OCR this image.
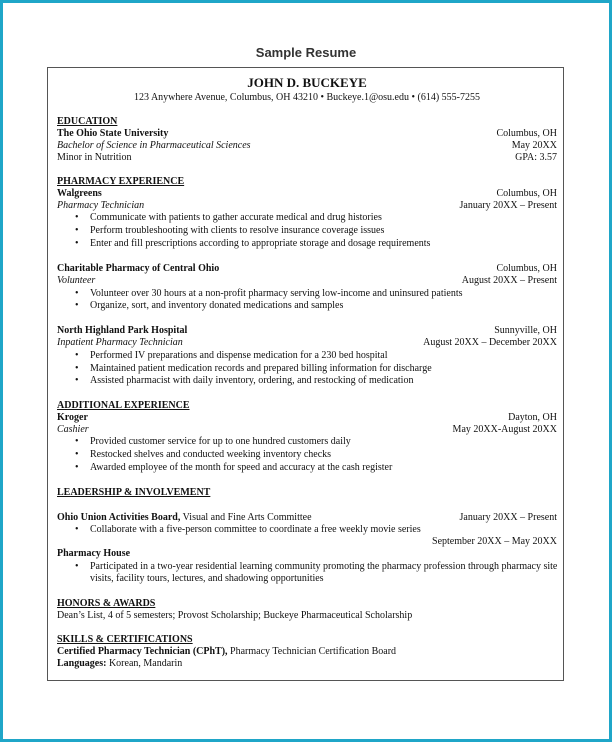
Sample Resume
JOHN D. BUCKEYE
123 Anywhere Avenue, Columbus, OH 43210 • Buckeye.1@osu.edu • (614) 555-7255
EDUCATION
The Ohio State University	Columbus, OH
Bachelor of Science in Pharmaceutical Sciences	May 20XX
Minor in Nutrition	GPA: 3.57
PHARMACY EXPERIENCE
Walgreens	Columbus, OH
Pharmacy Technician	January 20XX – Present
• Communicate with patients to gather accurate medical and drug histories
• Perform troubleshooting with clients to resolve insurance coverage issues
• Enter and fill prescriptions according to appropriate storage and dosage requirements
Charitable Pharmacy of Central Ohio	Columbus, OH
Volunteer	August 20XX – Present
• Volunteer over 30 hours at a non-profit pharmacy serving low-income and uninsured patients
• Organize, sort, and inventory donated medications and samples
North Highland Park Hospital	Sunnyville, OH
Inpatient Pharmacy Technician	August 20XX – December 20XX
• Performed IV preparations and dispense medication for a 230 bed hospital
• Maintained patient medication records and prepared billing information for discharge
• Assisted pharmacist with daily inventory, ordering, and restocking of medication
ADDITIONAL EXPERIENCE
Kroger	Dayton, OH
Cashier	May 20XX-August 20XX
• Provided customer service for up to one hundred customers daily
• Restocked shelves and conducted weeking inventory checks
• Awarded employee of the month for speed and accuracy at the cash register
LEADERSHIP & INVOLVEMENT
Ohio Union Activities Board, Visual and Fine Arts Committee	January 20XX – Present
• Collaborate with a five-person committee to coordinate a free weekly movie series
September 20XX – May 20XX
Pharmacy House
• Participated in a two-year residential learning community promoting the pharmacy profession through pharmacy site
visits, facility tours, lectures, and shadowing opportunities
HONORS & AWARDS
Dean’s List, 4 of 5 semesters; Provost Scholarship; Buckeye Pharmaceutical Scholarship
SKILLS & CERTIFICATIONS
Certified Pharmacy Technician (CPhT), Pharmacy Technician Certification Board
Languages: Korean, Mandarin
